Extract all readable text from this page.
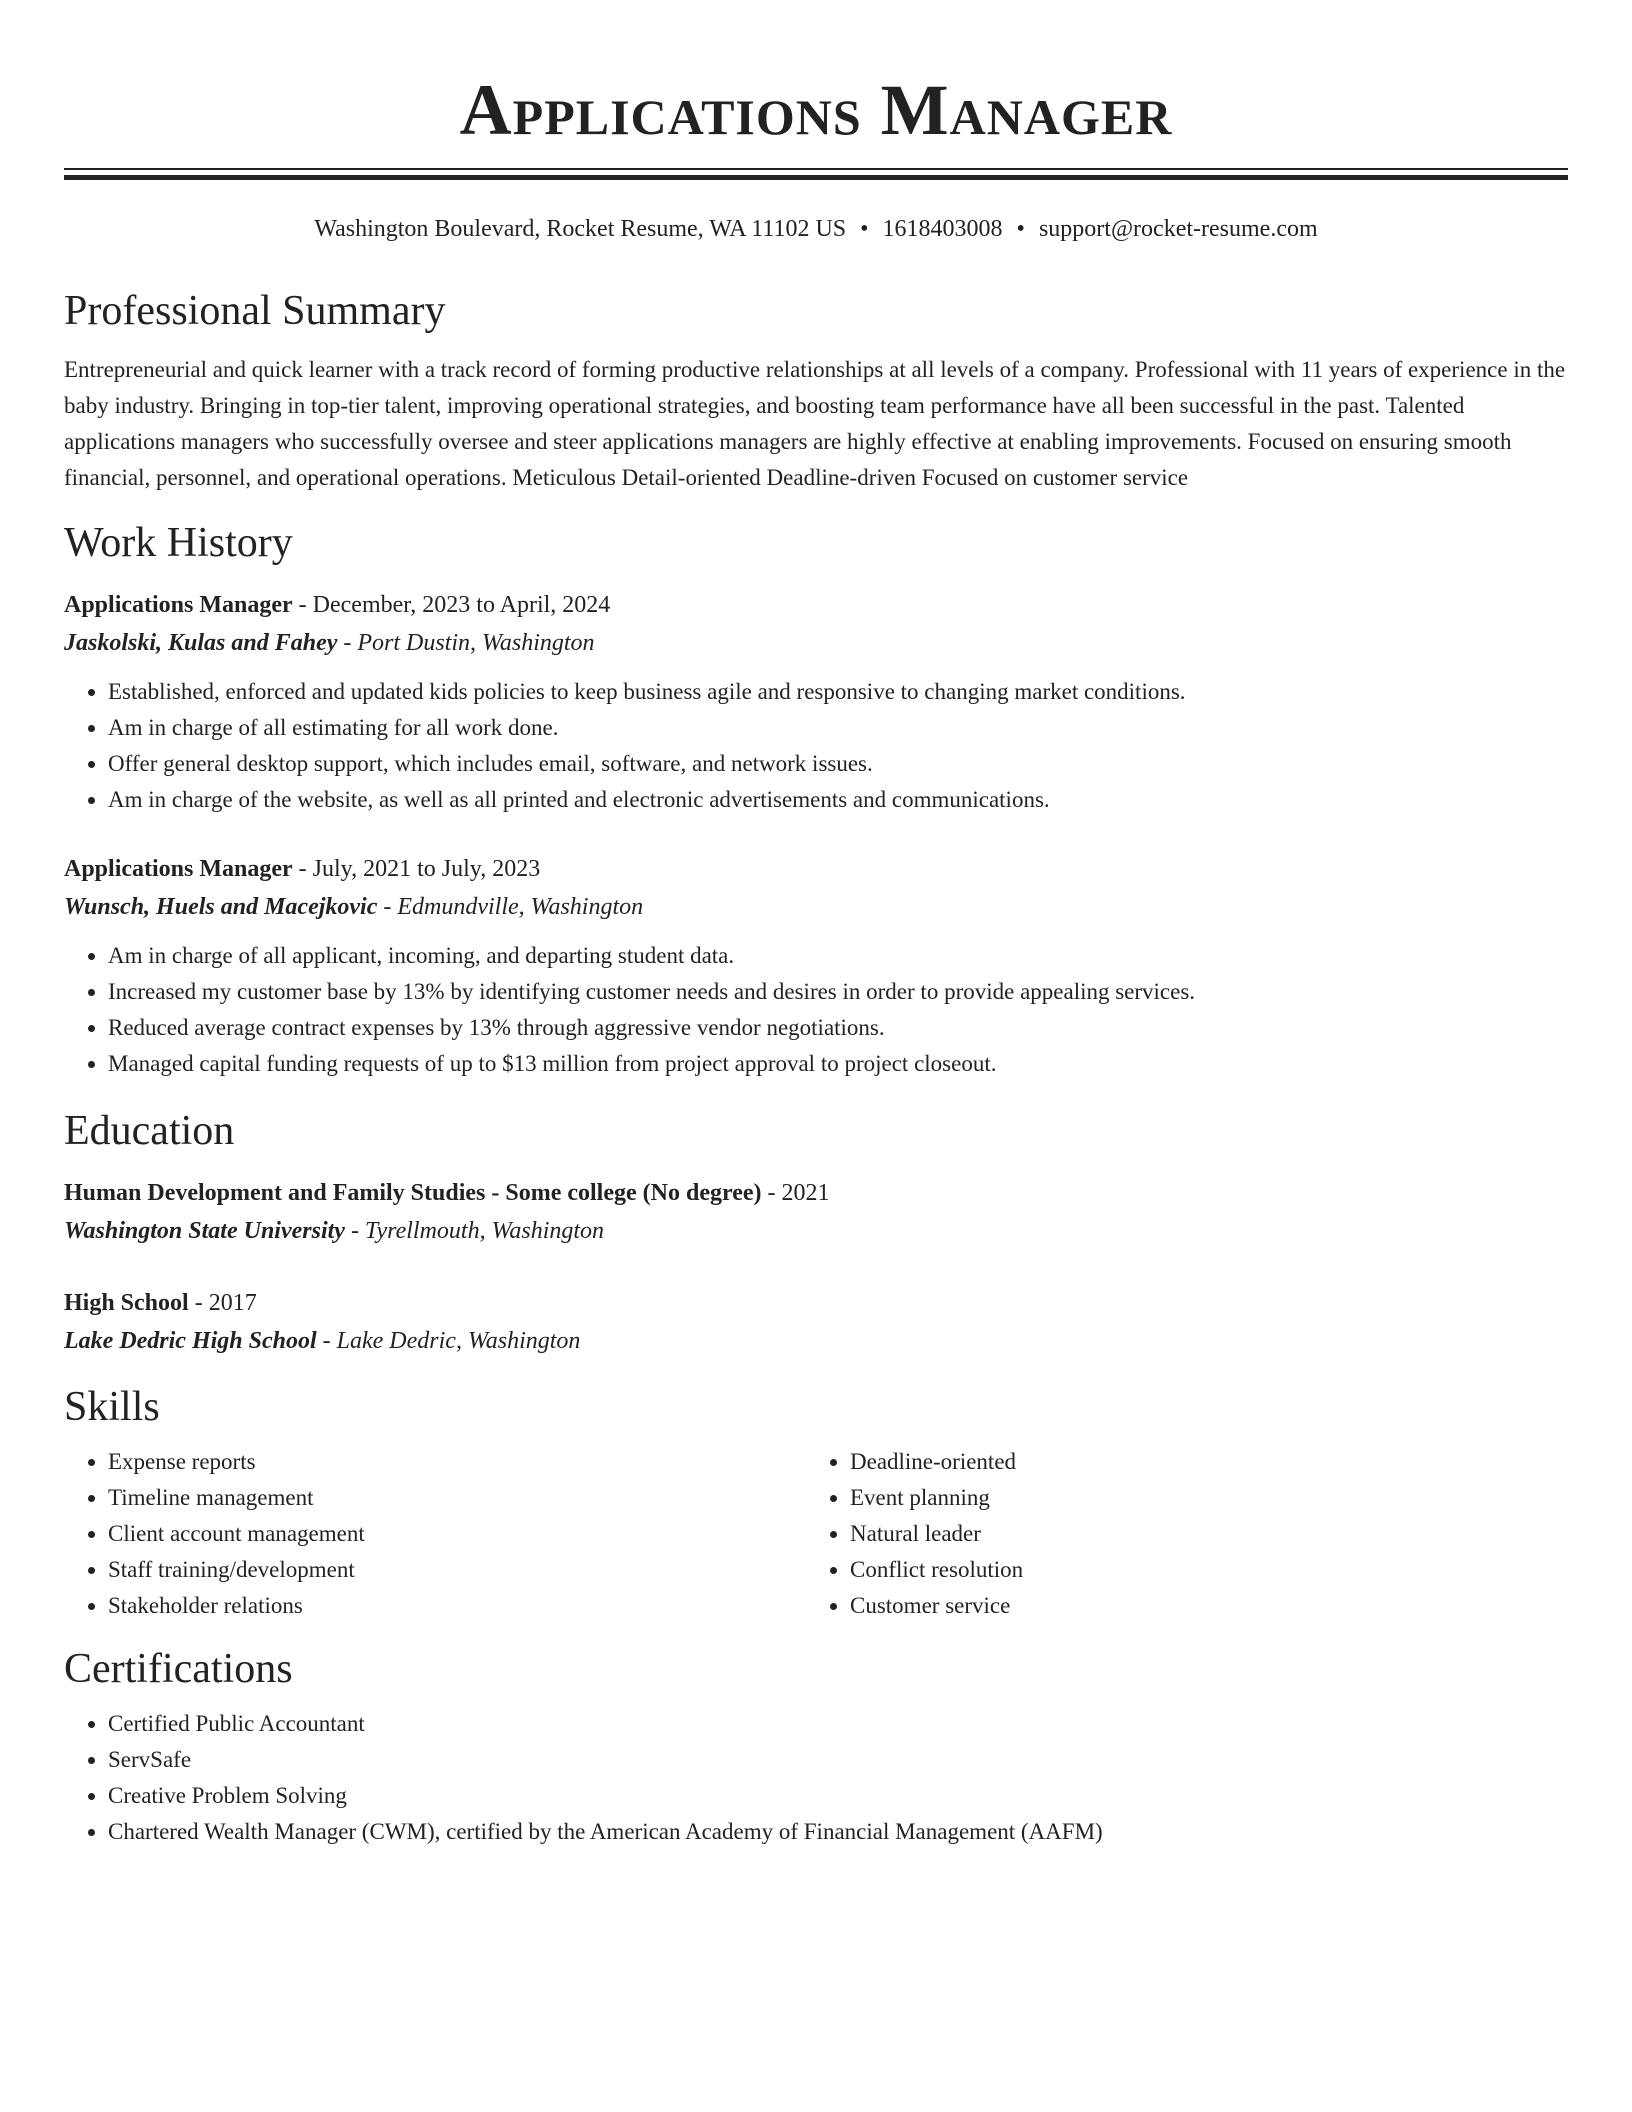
Applications Manager
Washington Boulevard, Rocket Resume, WA 11102 US • 1618403008 • support@rocket-resume.com
Professional Summary

Entrepreneurial and quick learner with a track record of forming productive relationships at all levels of a company. Professional with 11 years of experience in the baby industry. Bringing in top-tier talent, improving operational strategies, and boosting team performance have all been successful in the past. Talented applications managers who successfully oversee and steer applications managers are highly effective at enabling improvements. Focused on ensuring smooth financial, personnel, and operational operations. Meticulous Detail-oriented Deadline-driven Focused on customer service

Work History
Applications Manager - December, 2023 to April, 2024
Jaskolski, Kulas and Fahey - Port Dustin, Washington
• Established, enforced and updated kids policies to keep business agile and responsive to changing market conditions.
• Am in charge of all estimating for all work done.
• Offer general desktop support, which includes email, software, and network issues.
• Am in charge of the website, as well as all printed and electronic advertisements and communications.
Applications Manager - July, 2021 to July, 2023
Wunsch, Huels and Macejkovic - Edmundville, Washington
• Am in charge of all applicant, incoming, and departing student data.
• Increased my customer base by 13% by identifying customer needs and desires in order to provide appealing services.
• Reduced average contract expenses by 13% through aggressive vendor negotiations.
• Managed capital funding requests of up to $13 million from project approval to project closeout.
Education
Human Development and Family Studies - Some college (No degree) - 2021
Washington State University - Tyrellmouth, Washington
High School - 2017
Lake Dedric High School - Lake Dedric, Washington
Skills
• Expense reports
• Timeline management
• Client account management
• Staff training/development
• Stakeholder relations
• Deadline-oriented
• Event planning
• Natural leader
• Conflict resolution
• Customer service
Certifications
• Certified Public Accountant
• ServSafe
• Creative Problem Solving
• Chartered Wealth Manager (CWM), certified by the American Academy of Financial Management (AAFM)
